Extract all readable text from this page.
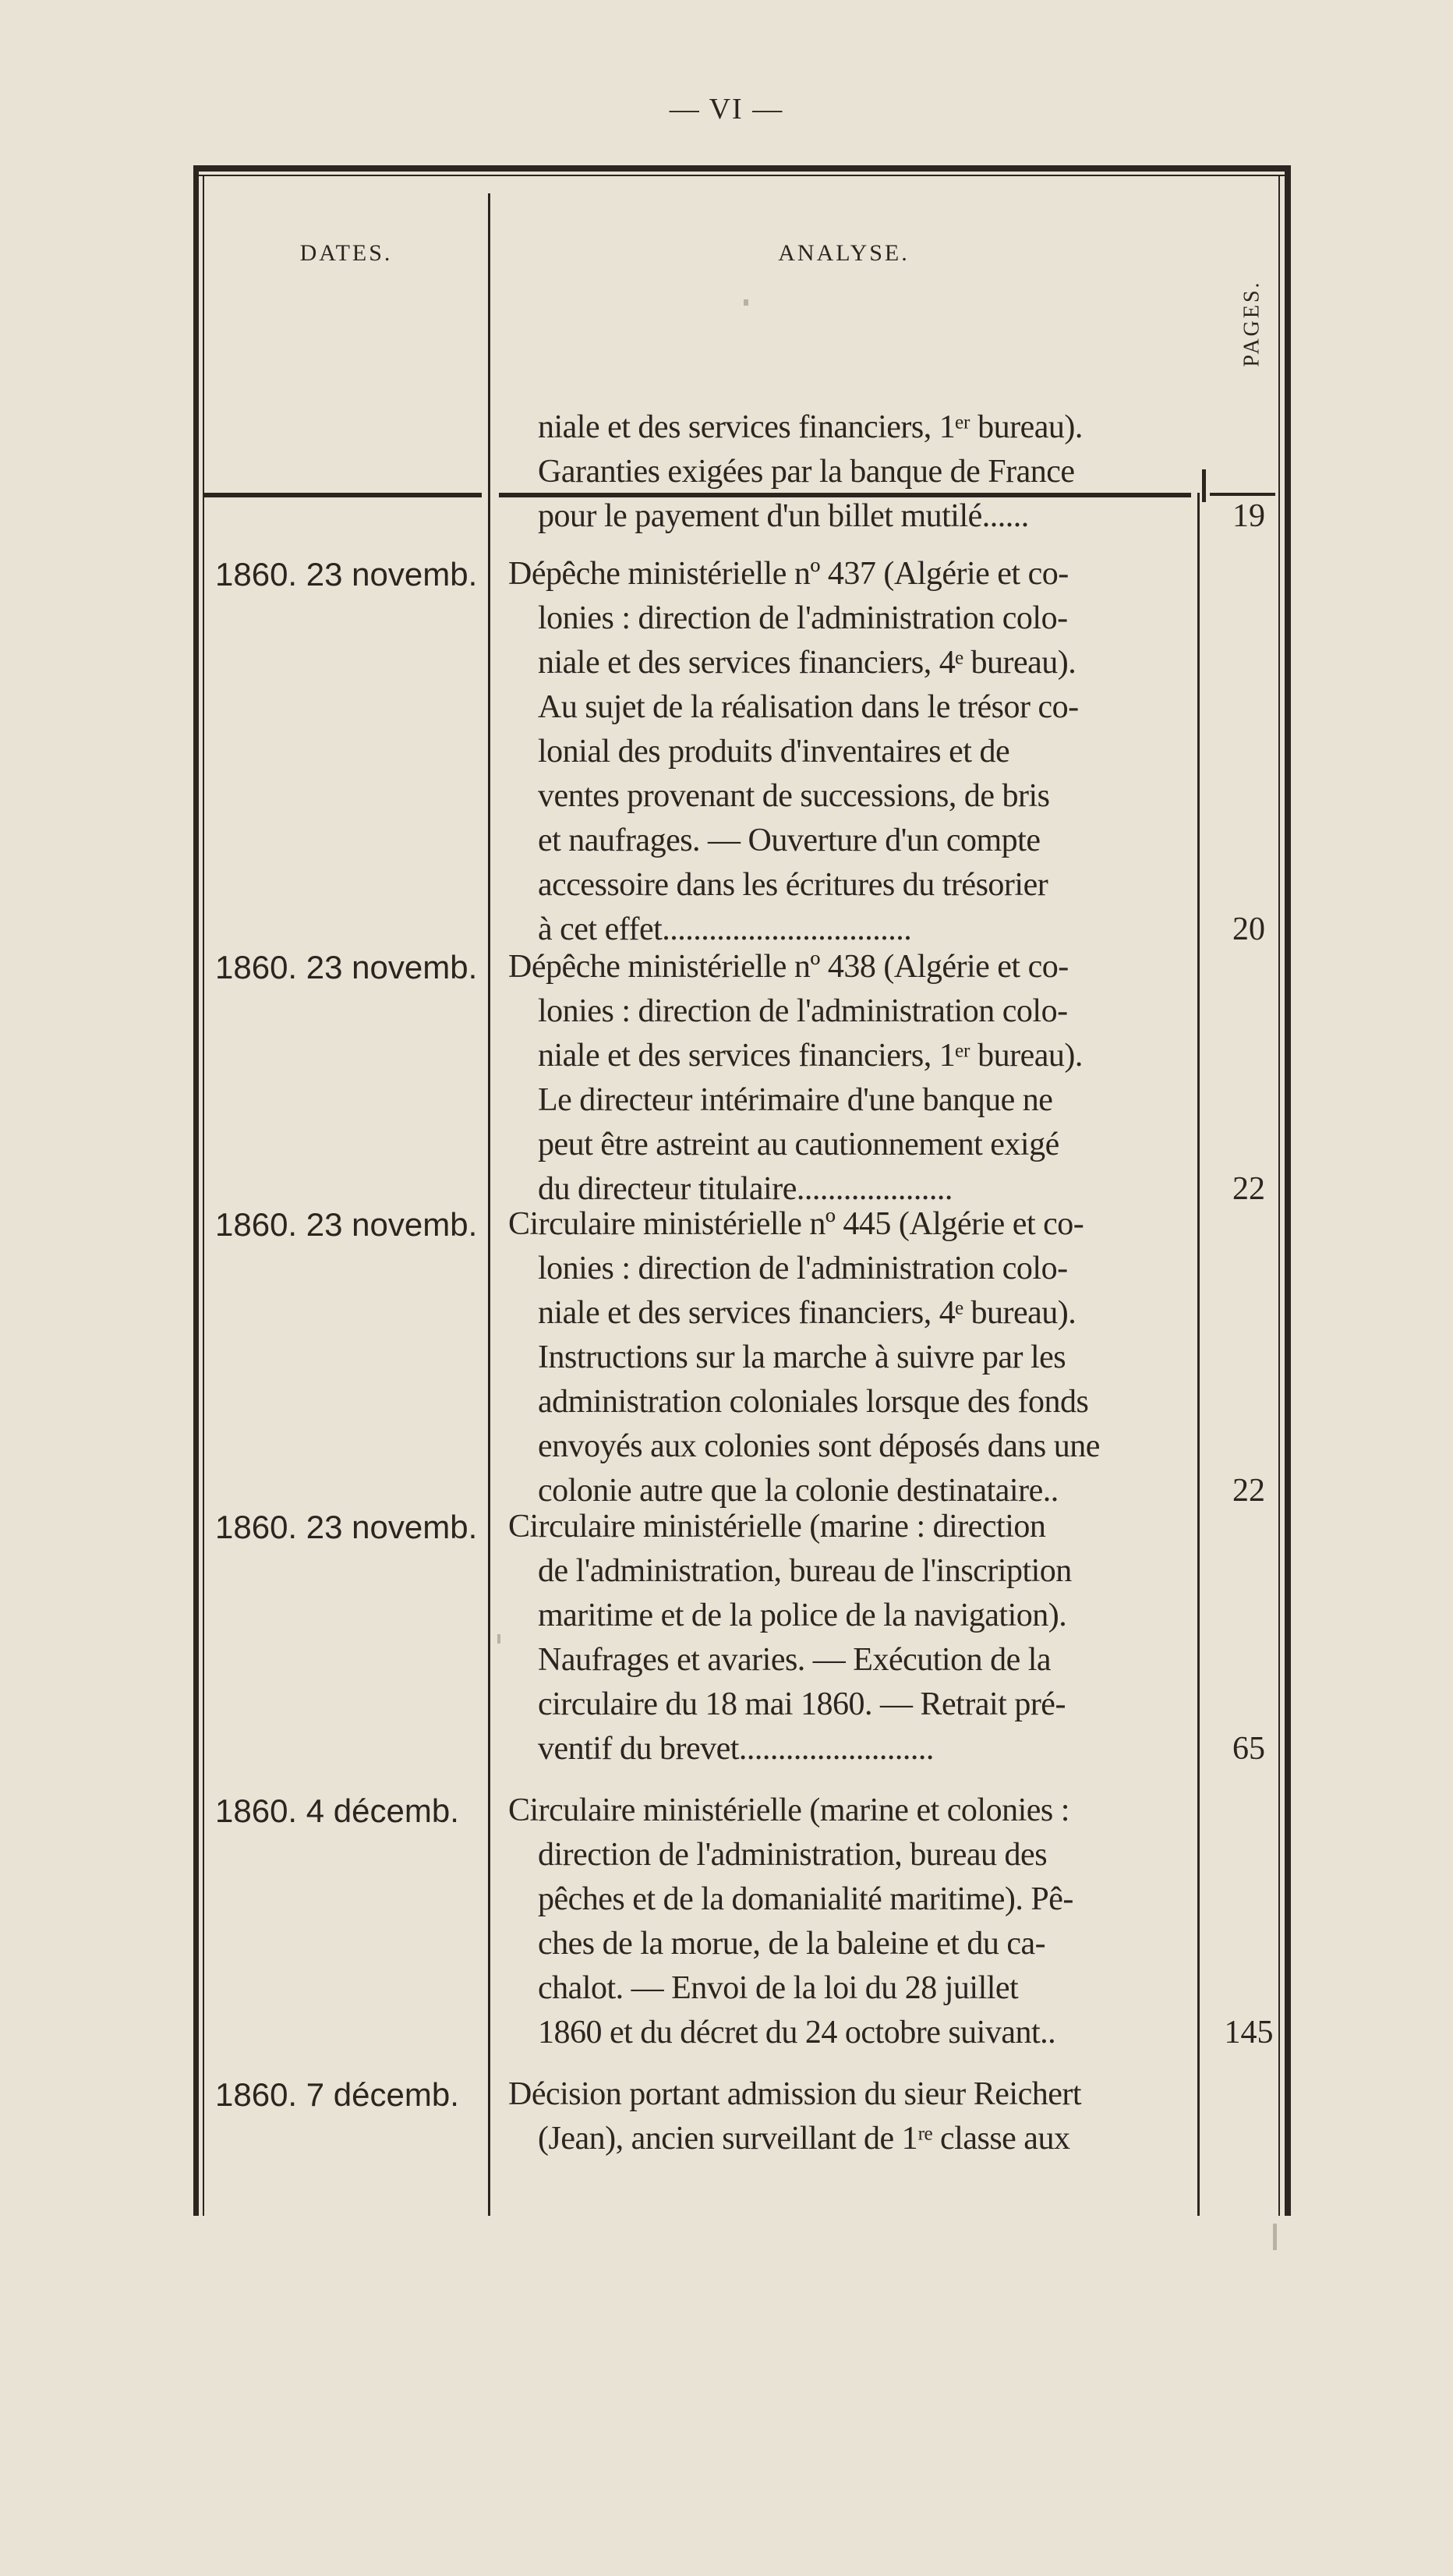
— VI —
DATES.	ANALYSE.
PAGES.
niale et des services financiers, 1ᵉʳ bureau).
Garanties exigées par la banque de France
pour le payement d'un billet mutilé......	19
1860. 23 novemb. Dépêche ministérielle nº 437 (Algérie et co-
lonies : direction de l'administration colo-
niale et des services financiers, 4ᵉ bureau).
Au sujet de la réalisation dans le trésor co-
lonial des produits d'inventaires et de
ventes provenant de successions, de bris
et naufrages. — Ouverture d'un compte
accessoire dans les écritures du trésorier
à cet effet................................	20
1860. 23 novemb. Dépêche ministérielle nº 438 (Algérie et co-
lonies : direction de l'administration colo-
niale et des services financiers, 1ᵉʳ bureau).
Le directeur intérimaire d'une banque ne
peut être astreint au cautionnement exigé
du directeur titulaire....................	22
1860. 23 novemb. Circulaire ministérielle nº 445 (Algérie et co-
lonies : direction de l'administration colo-
niale et des services financiers, 4ᵉ bureau).
Instructions sur la marche à suivre par les
administration coloniales lorsque des fonds
envoyés aux colonies sont déposés dans une
colonie autre que la colonie destinataire..	22
1860. 23 novemb. Circulaire ministérielle (marine : direction
de l'administration, bureau de l'inscription
maritime et de la police de la navigation).
Naufrages et avaries. — Exécution de la
circulaire du 18 mai 1860. — Retrait pré-
ventif du brevet.........................	65
1860. 4 décemb.	Circulaire ministérielle (marine et colonies :
direction de l'administration, bureau des
pêches et de la domanialité maritime). Pê-
ches de la morue, de la baleine et du ca-
chalot. — Envoi de la loi du 28 juillet
1860 et du décret du 24 octobre suivant..	145
1860. 7 décemb.	Décision portant admission du sieur Reichert
(Jean), ancien surveillant de 1ʳᵉ classe aux
